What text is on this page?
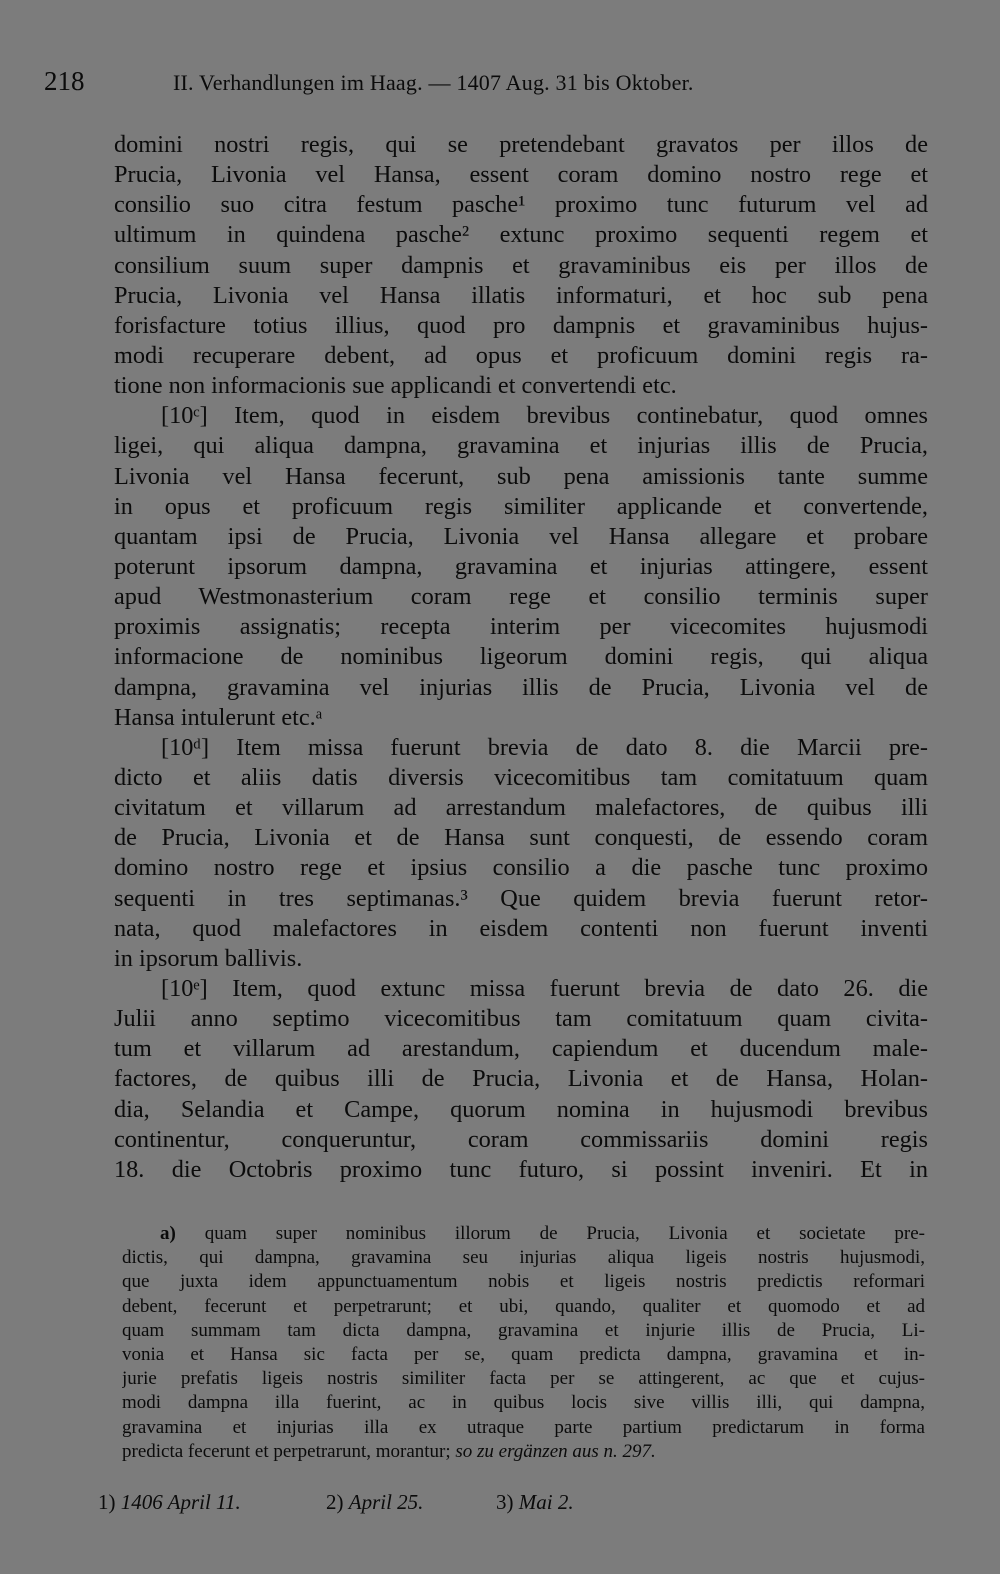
218	II. Verhandlungen im Haag. — 1407 Aug. 31 bis Oktober.
domini nostri regis, qui se pretendebant gravatos per illos de
Prucia, Livonia vel Hansa, essent coram domino nostro rege et
consilio suo citra festum pasche¹ proximo tunc futurum vel ad
ultimum in quindena pasche² extunc proximo sequenti regem et
consilium suum super dampnis et gravaminibus eis per illos de
Prucia, Livonia vel Hansa illatis informaturi, et hoc sub pena
forisfacture totius illius, quod pro dampnis et gravaminibus hujus-
modi recuperare debent, ad opus et proficuum domini regis ra-
tione non informacionis sue applicandi et convertendi etc.
[10ᶜ] Item, quod in eisdem brevibus continebatur, quod omnes
ligei, qui aliqua dampna, gravamina et injurias illis de Prucia,
Livonia vel Hansa fecerunt, sub pena amissionis tante summe
in opus et proficuum regis similiter applicande et convertende,
quantam ipsi de Prucia, Livonia vel Hansa allegare et probare
poterunt ipsorum dampna, gravamina et injurias attingere, essent
apud Westmonasterium coram rege et consilio terminis super
proximis assignatis; recepta interim per vicecomites hujusmodi
informacione de nominibus ligeorum domini regis, qui aliqua
dampna, gravamina vel injurias illis de Prucia, Livonia vel de
Hansa intulerunt etc.ᵃ
[10ᵈ] Item missa fuerunt brevia de dato 8. die Marcii pre-
dicto et aliis datis diversis vicecomitibus tam comitatuum quam
civitatum et villarum ad arrestandum malefactores, de quibus illi
de Prucia, Livonia et de Hansa sunt conquesti, de essendo coram
domino nostro rege et ipsius consilio a die pasche tunc proximo
sequenti in tres septimanas.³ Que quidem brevia fuerunt retor-
nata, quod malefactores in eisdem contenti non fuerunt inventi
in ipsorum ballivis.
[10ᵉ] Item, quod extunc missa fuerunt brevia de dato 26. die
Julii anno septimo vicecomitibus tam comitatuum quam civita-
tum et villarum ad arestandum, capiendum et ducendum male-
factores, de quibus illi de Prucia, Livonia et de Hansa, Holan-
dia, Selandia et Campe, quorum nomina in hujusmodi brevibus
continentur, conqueruntur, coram commissariis domini regis
18. die Octobris proximo tunc futuro, si possint inveniri. Et in
a) quam super nominibus illorum de Prucia, Livonia et societate pre-
dictis, qui dampna, gravamina seu injurias aliqua ligeis nostris hujusmodi,
que juxta idem appunctuamentum nobis et ligeis nostris predictis reformari
debent, fecerunt et perpetrarunt; et ubi, quando, qualiter et quomodo et ad
quam summam tam dicta dampna, gravamina et injurie illis de Prucia, Li-
vonia et Hansa sic facta per se, quam predicta dampna, gravamina et in-
jurie prefatis ligeis nostris similiter facta per se attingerent, ac que et cujus-
modi dampna illa fuerint, ac in quibus locis sive villis illi, qui dampna,
gravamina et injurias illa ex utraque parte partium predictarum in forma
predicta fecerunt et perpetrarunt, morantur; so zu ergänzen aus n. 297.
1) 1406 April 11.	2) April 25.	3) Mai 2.
